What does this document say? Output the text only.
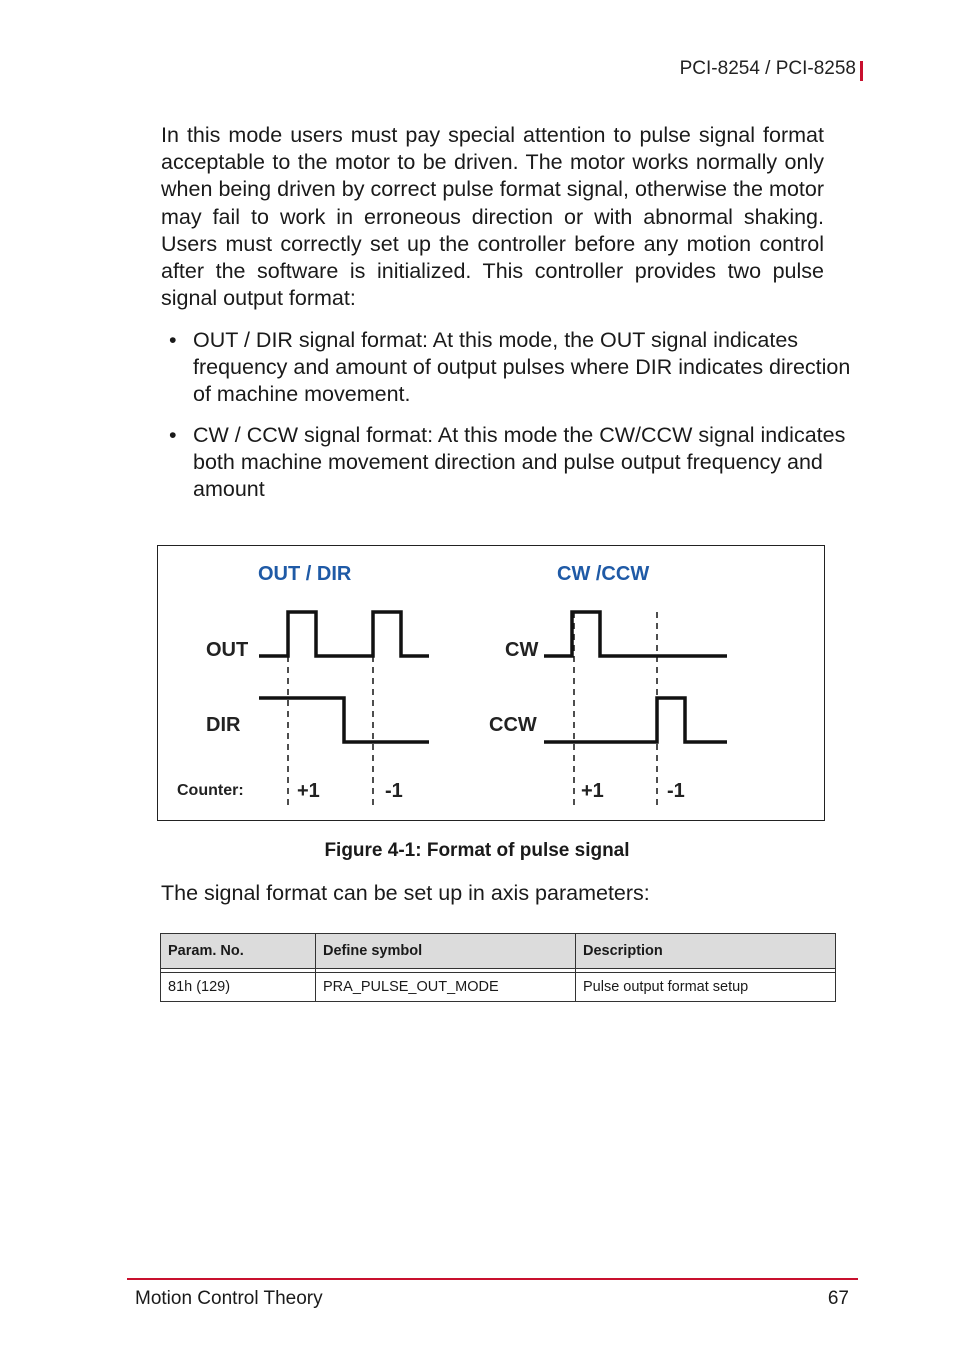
PCI-8254 / PCI-8258

In this mode users must pay special attention to pulse signal format acceptable to the motor to be driven. The motor works normally only when being driven by correct pulse format signal, otherwise the motor may fail to work in erroneous direction or with abnormal shaking. Users must correctly set up the controller before any motion control after the software is initialized. This controller provides two pulse signal output format:

• OUT / DIR signal format: At this mode, the OUT signal indicates frequency and amount of output pulses where DIR indicates direction of machine movement.
• CW / CCW signal format: At this mode the CW/CCW signal indicates both machine movement direction and pulse output frequency and amount
OUT / DIR	CW /CCW
OUT
DIR
CW
CCW
Counter:	+1	-1	+1	-1
Figure 4-1: Format of pulse signal
The signal format can be set up in axis parameters:
Param. No.	Define symbol	Description

81h (129)	PRA_PULSE_OUT_MODE	Pulse output format setup
Motion Control Theory	67
